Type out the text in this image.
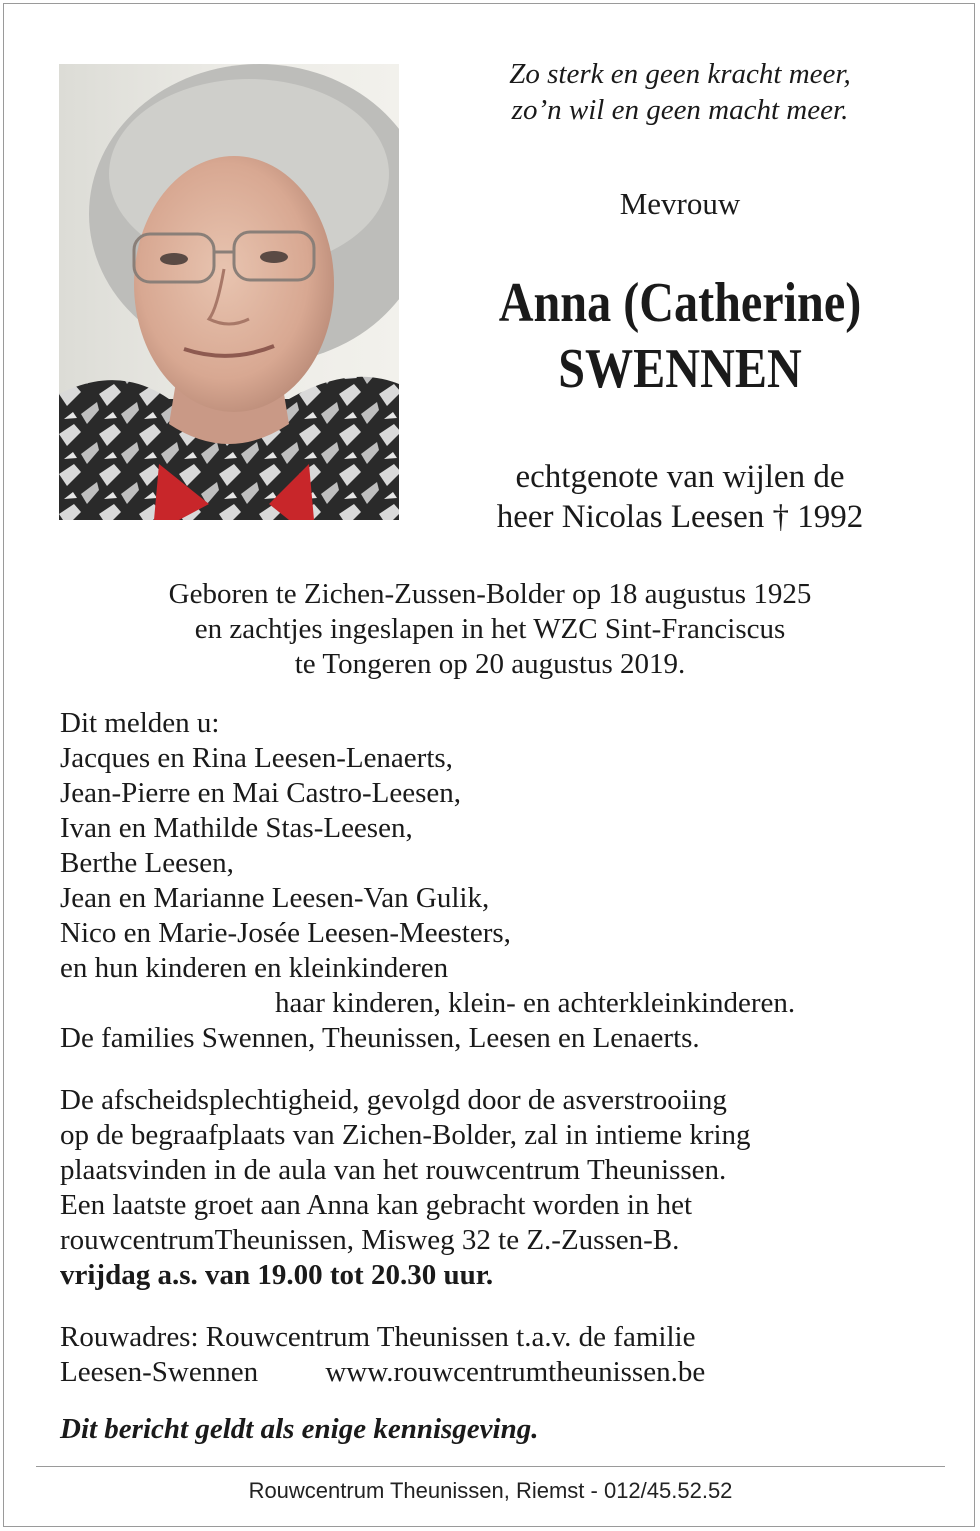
Zo sterk en geen kracht meer,
zo’n wil en geen macht meer.
Mevrouw
Anna (Catherine)
SWENNEN
echtgenote van wijlen de
heer Nicolas Leesen † 1992
Geboren te Zichen-Zussen-Bolder op 18 augustus 1925
en zachtjes ingeslapen in het WZC Sint-Franciscus
te Tongeren op 20 augustus 2019.
Dit melden u:
Jacques en Rina Leesen-Lenaerts,
Jean-Pierre en Mai Castro-Leesen,
Ivan en Mathilde Stas-Leesen,
Berthe Leesen,
Jean en Marianne Leesen-Van Gulik,
Nico en Marie-Josée Leesen-Meesters,
en hun kinderen en kleinkinderen
haar kinderen, klein- en achterkleinkinderen.
De families Swennen, Theunissen, Leesen en Lenaerts.
De afscheidsplechtigheid, gevolgd door de asverstrooiing
op de begraafplaats van Zichen-Bolder, zal in intieme kring
plaatsvinden in de aula van het rouwcentrum Theunissen.
Een laatste groet aan Anna kan gebracht worden in het
rouwcentrumTheunissen, Misweg 32 te Z.-Zussen-B.
vrijdag a.s. van 19.00 tot 20.30 uur.
Rouwadres: Rouwcentrum Theunissen t.a.v. de familie
Leesen-Swennen www.rouwcentrumtheunissen.be
Dit bericht geldt als enige kennisgeving.
Rouwcentrum Theunissen, Riemst - 012/45.52.52
